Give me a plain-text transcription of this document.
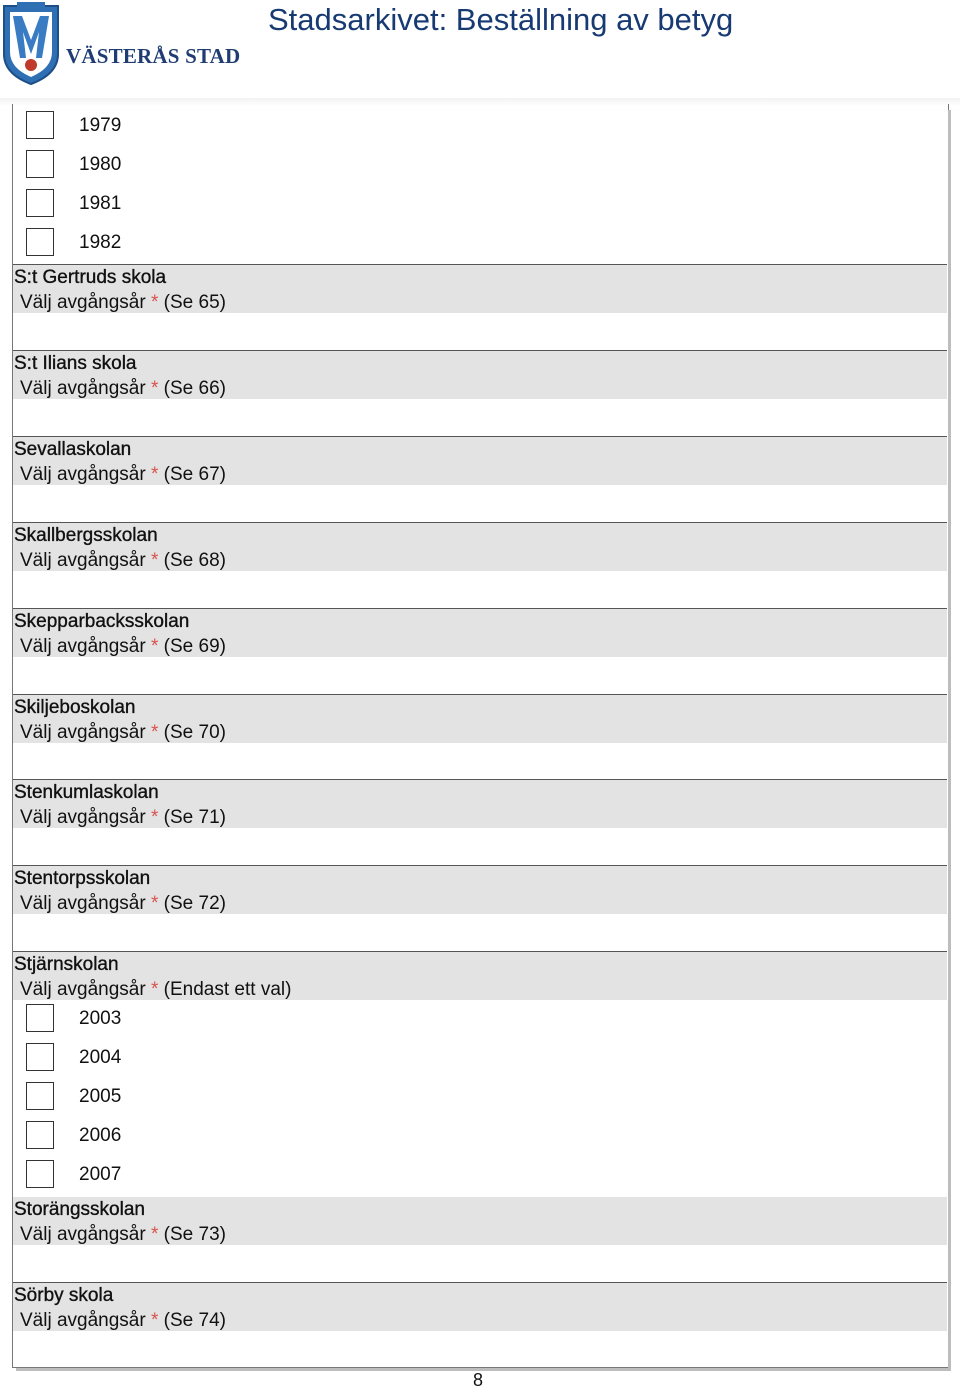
VÄSTERÅS STAD
Stadsarkivet: Beställning av betyg
1979
1980
1981
1982
S:t Gertruds skola
Välj avgångsår * (Se 65)
S:t Ilians skola
Välj avgångsår * (Se 66)
Sevallaskolan
Välj avgångsår * (Se 67)
Skallbergsskolan
Välj avgångsår * (Se 68)
Skepparbacksskolan
Välj avgångsår * (Se 69)
Skiljeboskolan
Välj avgångsår * (Se 70)
Stenkumlaskolan
Välj avgångsår * (Se 71)
Stentorpsskolan
Välj avgångsår * (Se 72)
Stjärnskolan
Välj avgångsår * (Endast ett val)
2003
2004
2005
2006
2007
Storängsskolan
Välj avgångsår * (Se 73)
Sörby skola
Välj avgångsår * (Se 74)
8
